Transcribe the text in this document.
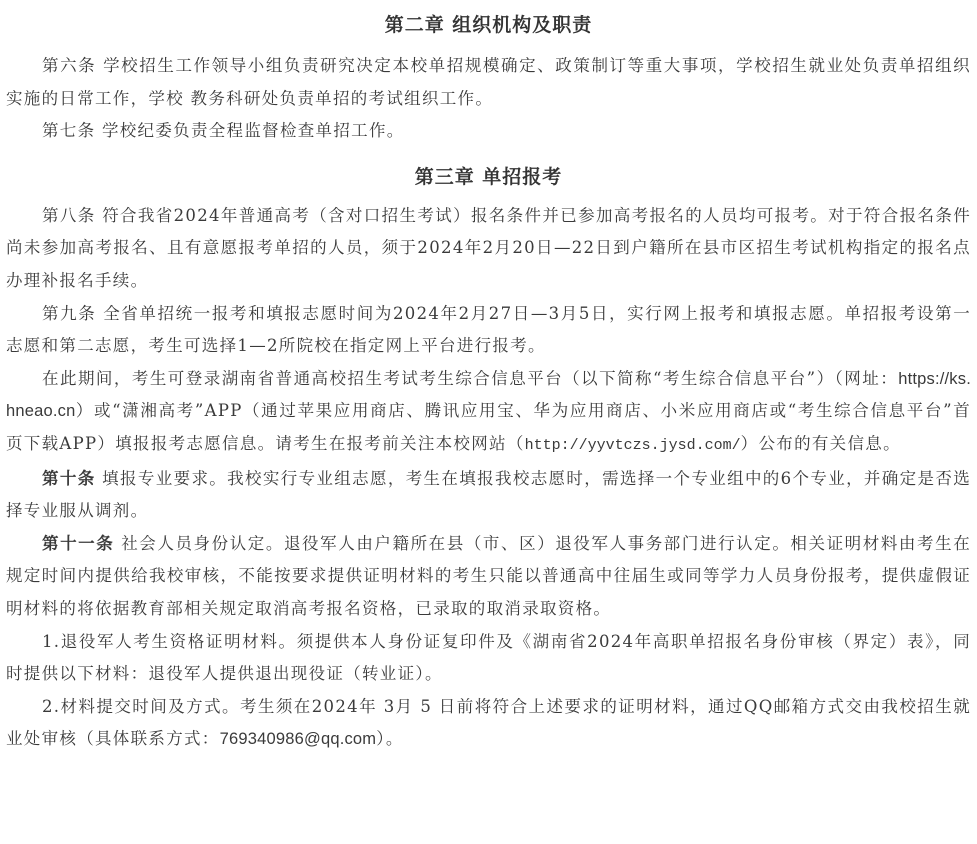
第二章 组织机构及职责

第六条 学校招生工作领导小组负责研究决定本校单招规模确定、政策制订等重大事项，学校招生就业处负责单招组织实施的日常工作，学校 教务科研处负责单招的考试组织工作。

第七条 学校纪委负责全程监督检查单招工作。

第三章 单招报考

第八条 符合我省2024年普通高考（含对口招生考试）报名条件并已参加高考报名的人员均可报考。对于符合报名条件尚未参加高考报名、且有意愿报考单招的人员，须于2024年2月20日—22日到户籍所在县市区招生考试机构指定的报名点办理补报名手续。

第九条 全省单招统一报考和填报志愿时间为2024年2月27日—3月5日，实行网上报考和填报志愿。单招报考设第一志愿和第二志愿，考生可选择1—2所院校在指定网上平台进行报考。

在此期间，考生可登录湖南省普通高校招生考试考生综合信息平台（以下简称“考生综合信息平台”）（网址：https://ks.hneao.cn）或“潇湘高考”APP（通过苹果应用商店、腾讯应用宝、华为应用商店、小米应用商店或“考生综合信息平台”首页下载APP）填报报考志愿信息。请考生在报考前关注本校网站（http://yyvtczs.jysd.com/）公布的有关信息。

第十条 填报专业要求。我校实行专业组志愿，考生在填报我校志愿时，需选择一个专业组中的6个专业，并确定是否选择专业服从调剂。

第十一条 社会人员身份认定。退役军人由户籍所在县（市、区）退役军人事务部门进行认定。相关证明材料由考生在规定时间内提供给我校审核，不能按要求提供证明材料的考生只能以普通高中往届生或同等学力人员身份报考，提供虚假证明材料的将依据教育部相关规定取消高考报名资格，已录取的取消录取资格。

1.退役军人考生资格证明材料。须提供本人身份证复印件及《湖南省2024年高职单招报名身份审核（界定）表》，同时提供以下材料：退役军人提供退出现役证（转业证）。

2.材料提交时间及方式。考生须在2024年 3月 5 日前将符合上述要求的证明材料，通过QQ邮箱方式交由我校招生就业处审核（具体联系方式：769340986@qq.com）。
